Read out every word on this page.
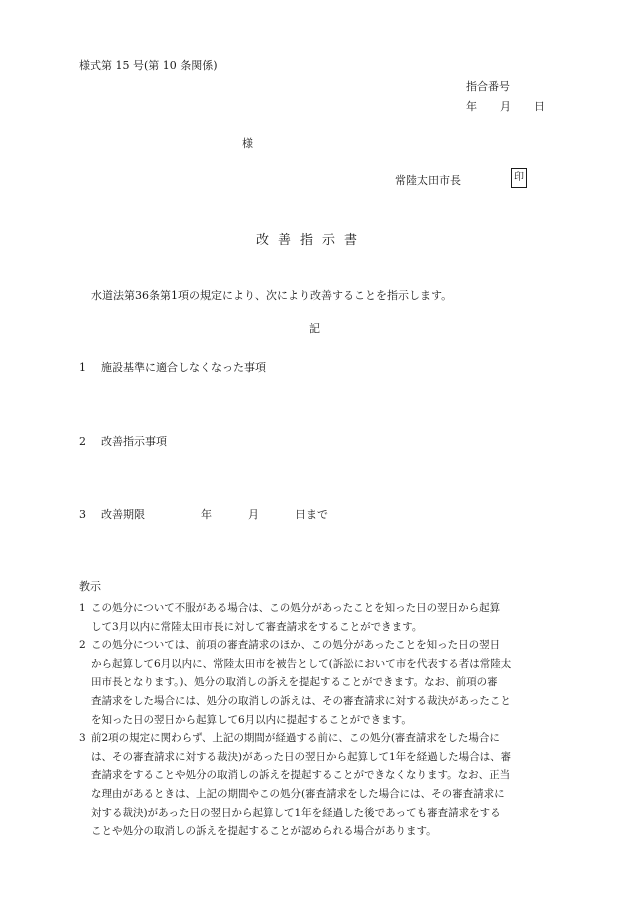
様式第 15 号(第 10 条関係)
指合番号
年 月 日
様
常陸太田市長	印
改善指示書
水道法第36条第1項の規定により、次により改善することを指示します。
記
1 施設基準に適合しなくなった事項
2 改善指示事項
3 改善期限	年	月	日まで
教示
1 この処分について不服がある場合は、この処分があったことを知った日の翌日から起算
して3月以内に常陸太田市長に対して審査請求をすることができます。
2 この処分については、前項の審査請求のほか、この処分があったことを知った日の翌日
から起算して6月以内に、常陸太田市を被告として(訴訟において市を代表する者は常陸太
田市長となります。)、処分の取消しの訴えを提起することができます。なお、前項の審
査請求をした場合には、処分の取消しの訴えは、その審査請求に対する裁決があったこと
を知った日の翌日から起算して6月以内に提起することができます。
3 前2項の規定に関わらず、上記の期間が経過する前に、この処分(審査請求をした場合に
は、その審査請求に対する裁決)があった日の翌日から起算して1年を経過した場合は、審
査請求をすることや処分の取消しの訴えを提起することができなくなります。なお、正当
な理由があるときは、上記の期間やこの処分(審査請求をした場合には、その審査請求に
対する裁決)があった日の翌日から起算して1年を経過した後であっても審査請求をする
ことや処分の取消しの訴えを提起することが認められる場合があります。
